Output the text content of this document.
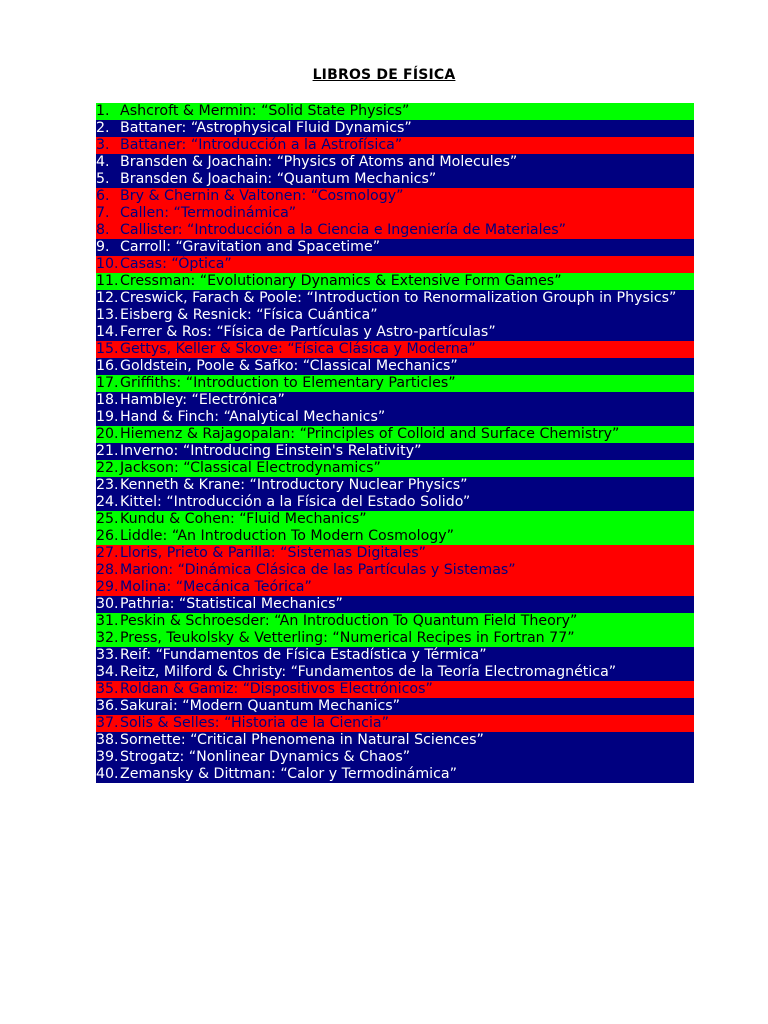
LIBROS DE FÍSICA
1. Ashcroft & Mermin: “Solid State Physics”
2. Battaner: “Astrophysical Fluid Dynamics”
3. Battaner: “Introducción a la Astrofísica”
4. Bransden & Joachain: “Physics of Atoms and Molecules”
5. Bransden & Joachain: “Quantum Mechanics”
6. Bry & Chernin & Valtonen: “Cosmology”
7. Callen: “Termodinámica”
8. Callister: “Introducción a la Ciencia e Ingeniería de Materiales”
9. Carroll: “Gravitation and Spacetime”
10. Casas: “Óptica”
11. Cressman: “Evolutionary Dynamics & Extensive Form Games”
12. Creswick, Farach & Poole: “Introduction to Renormalization Grouph in Physics”
13. Eisberg & Resnick: “Física Cuántica”
14. Ferrer & Ros: “Física de Partículas y Astro-partículas”
15. Gettys, Keller & Skove: “Física Clásica y Moderna”
16. Goldstein, Poole & Safko: “Classical Mechanics”
17. Griffiths: “Introduction to Elementary Particles”
18. Hambley: “Electrónica”
19. Hand & Finch: “Analytical Mechanics”
20. Hiemenz & Rajagopalan: “Principles of Colloid and Surface Chemistry”
21. Inverno: “Introducing Einstein's Relativity”
22. Jackson: “Classical Electrodynamics”
23. Kenneth & Krane: “Introductory Nuclear Physics”
24. Kittel: “Introducción a la Física del Estado Solido”
25. Kundu & Cohen: “Fluid Mechanics”
26. Liddle: “An Introduction To Modern Cosmology”
27. Lloris, Prieto & Parilla: “Sistemas Digitales”
28. Marion: “Dinámica Clásica de las Partículas y Sistemas”
29. Molina: “Mecánica Teórica”
30. Pathria: “Statistical Mechanics”
31. Peskin & Schroesder: “An Introduction To Quantum Field Theory”
32. Press, Teukolsky & Vetterling: “Numerical Recipes in Fortran 77”
33. Reif: “Fundamentos de Física Estadística y Térmica”
34. Reitz, Milford & Christy: “Fundamentos de la Teoría Electromagnética”
35. Roldan & Gamiz: “Dispositivos Electrónicos”
36. Sakurai: “Modern Quantum Mechanics”
37. Solis & Selles: “Historia de la Ciencia”
38. Sornette: “Critical Phenomena in Natural Sciences”
39. Strogatz: “Nonlinear Dynamics & Chaos”
40. Zemansky & Dittman: “Calor y Termodinámica”
